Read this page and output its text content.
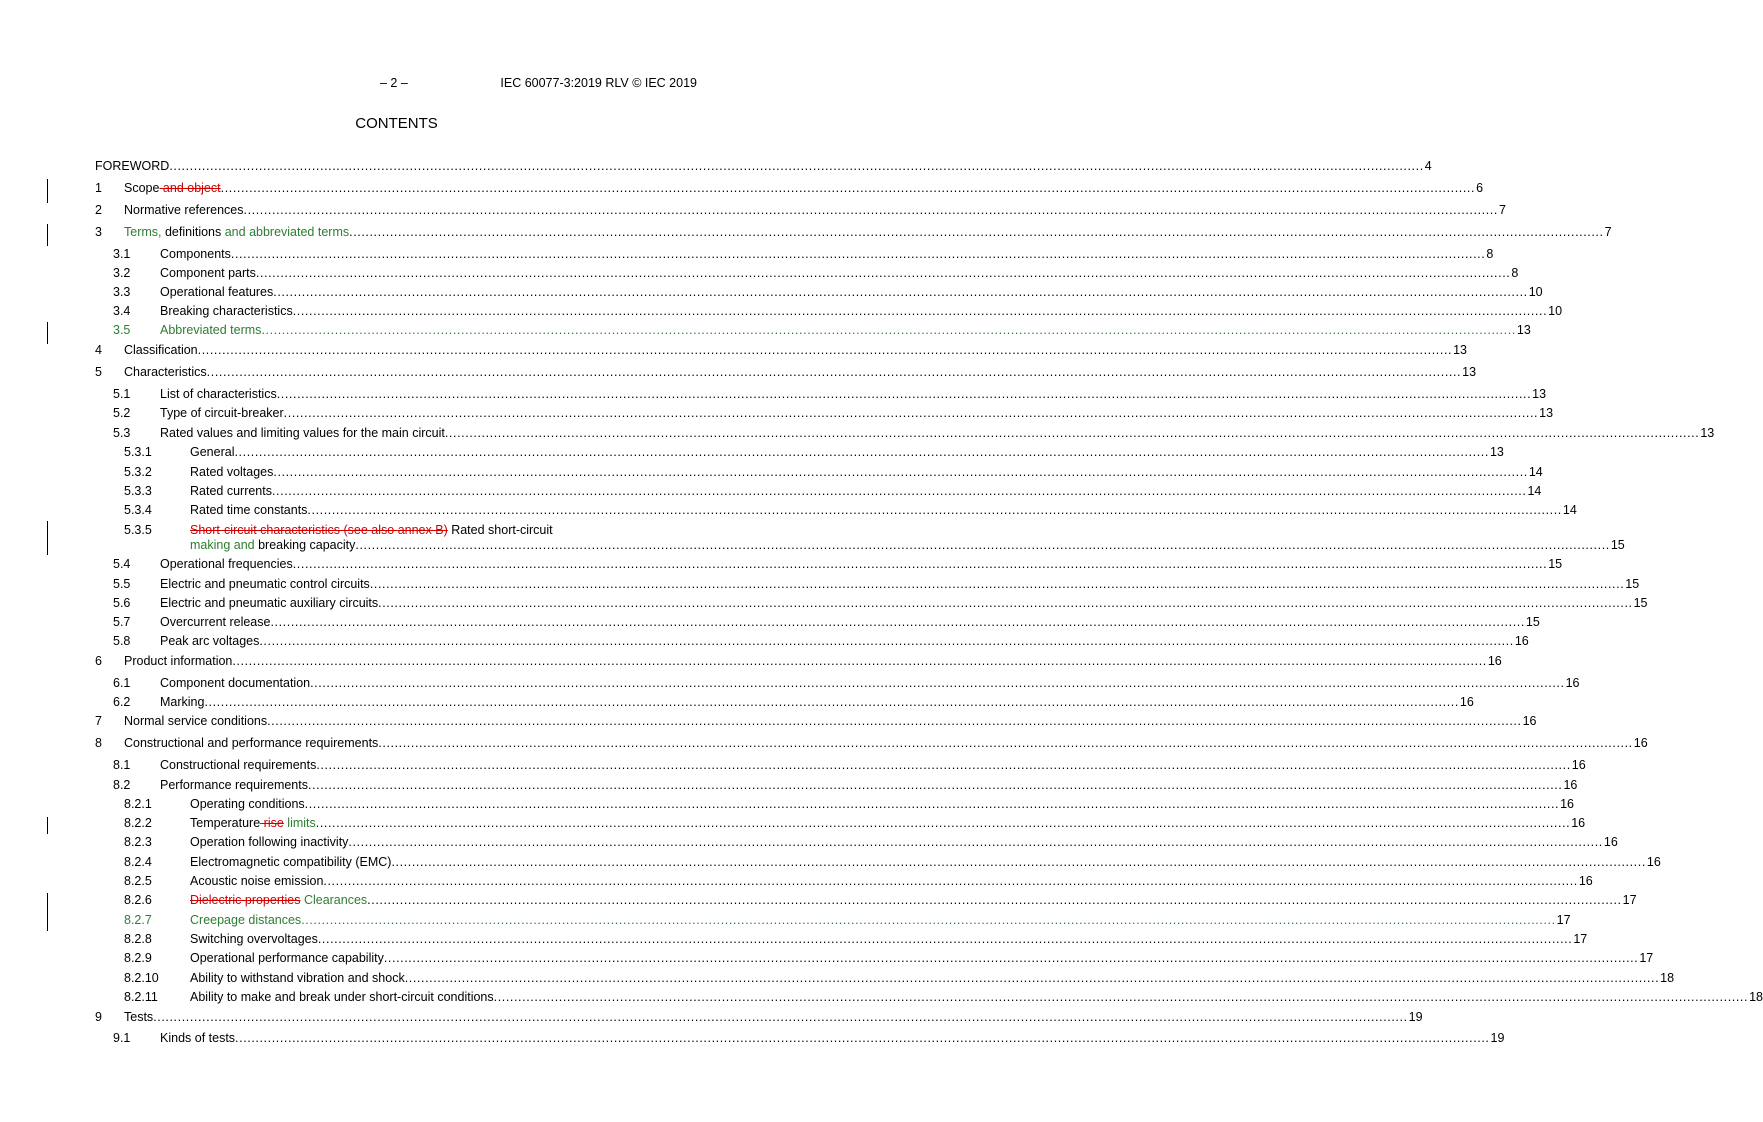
– 2 –	IEC 60077-3:2019 RLV © IEC 2019
CONTENTS
FOREWORD .................................................................................................................................................................................................................................................................................................................... 4
1 Scope and object .................................................................................................................................................................................................................................................................................................................... 6
2 Normative references .................................................................................................................................................................................................................................................................................................................... 7
3 Terms, definitions and abbreviated terms .................................................................................................................................................................................................................................................................................................................... 7
3.1 Components .................................................................................................................................................................................................................................................................................................................... 8
3.2 Component parts .................................................................................................................................................................................................................................................................................................................... 8
3.3 Operational features .................................................................................................................................................................................................................................................................................................................... 10
3.4 Breaking characteristics .................................................................................................................................................................................................................................................................................................................... 10
3.5 Abbreviated terms .................................................................................................................................................................................................................................................................................................................... 13
4 Classification .................................................................................................................................................................................................................................................................................................................... 13
5 Characteristics .................................................................................................................................................................................................................................................................................................................... 13
5.1 List of characteristics .................................................................................................................................................................................................................................................................................................................... 13
5.2 Type of circuit-breaker .................................................................................................................................................................................................................................................................................................................... 13
5.3 Rated values and limiting values for the main circuit .................................................................................................................................................................................................................................................................................................................... 13
5.3.1	General .................................................................................................................................................................................................................................................................................................................... 13
5.3.2	Rated voltages .................................................................................................................................................................................................................................................................................................................... 14
5.3.3	Rated currents .................................................................................................................................................................................................................................................................................................................... 14
5.3.4	Rated time constants .................................................................................................................................................................................................................................................................................................................... 14
5.3.5	Short-circuit characteristics (see also annex B) Rated short-circuit
making and breaking capacity .................................................................................................................................................................................................................................................................................................................... 15
5.4 Operational frequencies .................................................................................................................................................................................................................................................................................................................... 15
5.5 Electric and pneumatic control circuits .................................................................................................................................................................................................................................................................................................................... 15
5.6 Electric and pneumatic auxiliary circuits .................................................................................................................................................................................................................................................................................................................... 15
5.7 Overcurrent release .................................................................................................................................................................................................................................................................................................................... 15
5.8 Peak arc voltages .................................................................................................................................................................................................................................................................................................................... 16
6 Product information .................................................................................................................................................................................................................................................................................................................... 16
6.1 Component documentation .................................................................................................................................................................................................................................................................................................................... 16
6.2 Marking .................................................................................................................................................................................................................................................................................................................... 16
7 Normal service conditions .................................................................................................................................................................................................................................................................................................................... 16
8 Constructional and performance requirements .................................................................................................................................................................................................................................................................................................................... 16
8.1 Constructional requirements .................................................................................................................................................................................................................................................................................................................... 16
8.2 Performance requirements .................................................................................................................................................................................................................................................................................................................... 16
8.2.1	Operating conditions .................................................................................................................................................................................................................................................................................................................... 16
8.2.2	Temperature rise limits .................................................................................................................................................................................................................................................................................................................... 16
8.2.3	Operation following inactivity .................................................................................................................................................................................................................................................................................................................... 16
8.2.4	Electromagnetic compatibility (EMC) .................................................................................................................................................................................................................................................................................................................... 16
8.2.5	Acoustic noise emission .................................................................................................................................................................................................................................................................................................................... 16
8.2.6	Dielectric properties Clearances .................................................................................................................................................................................................................................................................................................................... 17
8.2.7	Creepage distances .................................................................................................................................................................................................................................................................................................................... 17
8.2.8	Switching overvoltages .................................................................................................................................................................................................................................................................................................................... 17
8.2.9	Operational performance capability .................................................................................................................................................................................................................................................................................................................... 17
8.2.10 Ability to withstand vibration and shock .................................................................................................................................................................................................................................................................................................................... 18
8.2.11	Ability to make and break under short-circuit conditions .................................................................................................................................................................................................................................................................................................................... 18
9 Tests .................................................................................................................................................................................................................................................................................................................... 19
9.1 Kinds of tests .................................................................................................................................................................................................................................................................................................................... 19
